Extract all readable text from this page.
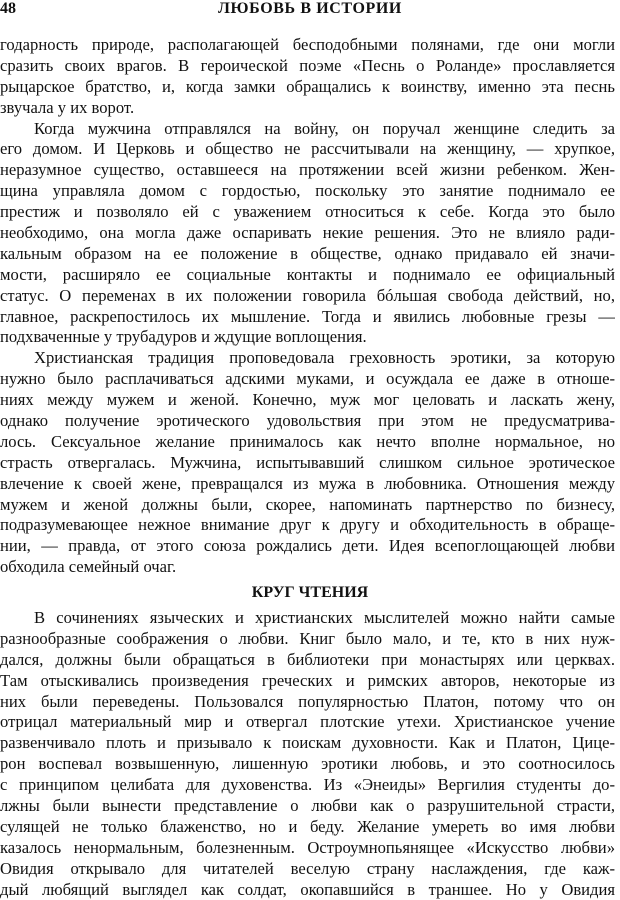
48	ЛЮБОВЬ В ИСТОРИИ
годарность природе, располагающей бесподобными полянами, где они могли
сразить своих врагов. В героической поэме «Песнь о Роланде» прославляется
рыцарское братство, и, когда замки обращались к воинству, именно эта песнь
звучала у их ворот.
Когда мужчина отправлялся на войну, он поручал женщине следить за
его домом. И Церковь и общество не рассчитывали на женщину, — хрупкое,
неразумное существо, оставшееся на протяжении всей жизни ребенком. Жен-
щина управляла домом с гордостью, поскольку это занятие поднимало ее
престиж и позволяло ей с уважением относиться к себе. Когда это было
необходимо, она могла даже оспаривать некие решения. Это не влияло ради-
кальным образом на ее положение в обществе, однако придавало ей значи-
мости, расширяло ее социальные контакты и поднимало ее официальный
статус. О переменах в их положении говорила бóльшая свобода действий, но,
главное, раскрепостилось их мышление. Тогда и явились любовные грезы —
подхваченные у трубадуров и ждущие воплощения.
Христианская традиция проповедовала греховность эротики, за которую
нужно было расплачиваться адскими муками, и осуждала ее даже в отноше-
ниях между мужем и женой. Конечно, муж мог целовать и ласкать жену,
однако получение эротического удовольствия при этом не предусматрива-
лось. Сексуальное желание принималось как нечто вполне нормальное, но
страсть отвергалась. Мужчина, испытывавший слишком сильное эротическое
влечение к своей жене, превращался из мужа в любовника. Отношения между
мужем и женой должны были, скорее, напоминать партнерство по бизнесу,
подразумевающее нежное внимание друг к другу и обходительность в обраще-
нии, — правда, от этого союза рождались дети. Идея всепоглощающей любви
обходила семейный очаг.
КРУГ ЧТЕНИЯ
В сочинениях языческих и христианских мыслителей можно найти самые
разнообразные соображения о любви. Книг было мало, и те, кто в них нуж-
дался, должны были обращаться в библиотеки при монастырях или церквах.
Там отыскивались произведения греческих и римских авторов, некоторые из
них были переведены. Пользовался популярностью Платон, потому что он
отрицал материальный мир и отвергал плотские утехи. Христианское учение
развенчивало плоть и призывало к поискам духовности. Как и Платон, Цице-
рон воспевал возвышенную, лишенную эротики любовь, и это соотносилось
с принципом целибата для духовенства. Из «Энеиды» Вергилия студенты до-
лжны были вынести представление о любви как о разрушительной страсти,
сулящей не только блаженство, но и беду. Желание умереть во имя любви
казалось ненормальным, болезненным. Остроумнопьянящее «Искусство любви»
Овидия открывало для читателей веселую страну наслаждения, где каж-
дый любящий выглядел как солдат, окопавшийся в траншее. Но у Овидия
